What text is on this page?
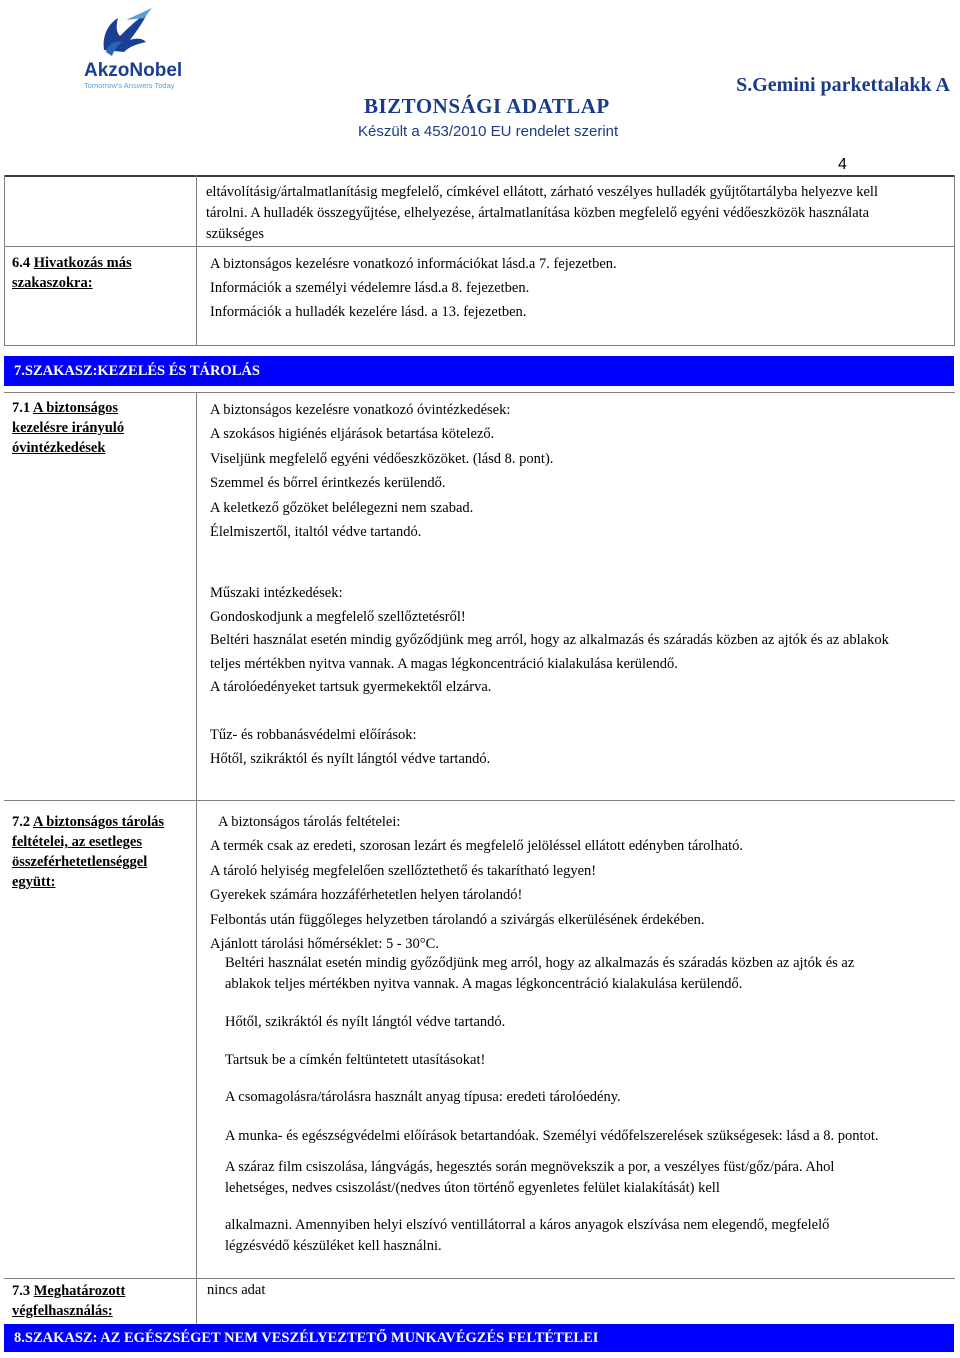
AkzoNobel
Tomorrow's Answers Today
BIZTONSÁGI ADATLAP
Készült a 453/2010 EU rendelet szerint
S.Gemini parkettalakk A
4

eltávolításig/ártalmatlanításig megfelelő, címkével ellátott, zárható veszélyes hulladék gyűjtőtartályba helyezve kell

tárolni. A hulladék összegyűjtése, elhelyezése, ártalmatlanítása közben megfelelő egyéni védőeszközök használata

szükséges

6.4 Hivatkozás más
szakaszokra:

A biztonságos kezelésre vonatkozó információkat lásd.a 7. fejezetben.

Információk a személyi védelemre lásd.a 8. fejezetben.

Információk a hulladék kezelére lásd. a 13. fejezetben.

7.SZAKASZ:KEZELÉS ÉS TÁROLÁS
7.1 A biztonságos
kezelésre irányuló
óvintézkedések

A biztonságos kezelésre vonatkozó óvintézkedések:

A szokásos higiénés eljárások betartása kötelező.

Viseljünk megfelelő egyéni védőeszközöket. (lásd 8. pont).

Szemmel és bőrrel érintkezés kerülendő.

A keletkező gőzöket belélegezni nem szabad.

Élelmiszertől, italtól védve tartandó.

Műszaki intézkedések:

Gondoskodjunk a megfelelő szellőztetésről!

Beltéri használat esetén mindig győződjünk meg arról, hogy az alkalmazás és száradás közben az ajtók és az ablakok

teljes mértékben nyitva vannak. A magas légkoncentráció kialakulása kerülendő.

A tárolóedényeket tartsuk gyermekektől elzárva.

Tűz- és robbanásvédelmi előírások:

Hőtől, szikráktól és nyílt lángtól védve tartandó.

7.2 A biztonságos tárolás
feltételei, az esetleges
összeférhetetlenséggel
együtt:

A biztonságos tárolás feltételei:

A termék csak az eredeti, szorosan lezárt és megfelelő jelöléssel ellátott edényben tárolható.

A tároló helyiség megfelelően szellőztethető és takarítható legyen!

Gyerekek számára hozzáférhetetlen helyen tárolandó!

Felbontás után függőleges helyzetben tárolandó a szivárgás elkerülésének érdekében.

Ajánlott tárolási hőmérséklet: 5 - 30°C.

Beltéri használat esetén mindig győződjünk meg arról, hogy az alkalmazás és száradás közben az ajtók és az

ablakok teljes mértékben nyitva vannak. A magas légkoncentráció kialakulása kerülendő.

Hőtől, szikráktól és nyílt lángtól védve tartandó.
Tartsuk be a címkén feltüntetett utasításokat!
A csomagolásra/tárolásra használt anyag típusa: eredeti tárolóedény.
A munka- és egészségvédelmi előírások betartandóak. Személyi védőfelszerelések szükségesek: lásd a 8. pontot.

A száraz film csiszolása, lángvágás, hegesztés során megnövekszik a por, a veszélyes füst/gőz/pára. Ahol

lehetséges, nedves csiszolást/(nedves úton történő egyenletes felület kialakítását) kell

alkalmazni. Amennyiben helyi elszívó ventillátorral a káros anyagok elszívása nem elegendő, megfelelő

légzésvédő készüléket kell használni.

7.3 Meghatározott
végfelhasználás:
nincs adat
8.SZAKASZ: AZ EGÉSZSÉGET NEM VESZÉLYEZTETŐ MUNKAVÉGZÉS FELTÉTELEI
